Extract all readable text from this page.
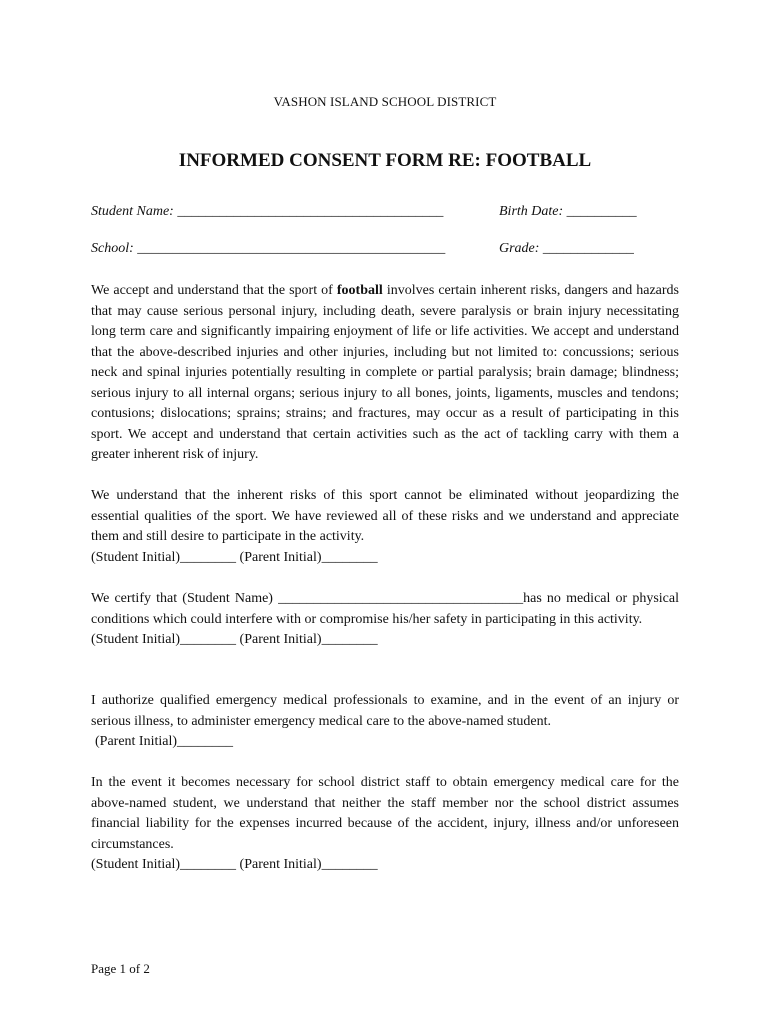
VASHON ISLAND SCHOOL DISTRICT
INFORMED CONSENT FORM RE: FOOTBALL
Student Name: ______________________________________	Birth Date: __________
School: ____________________________________________	Grade: _____________
We accept and understand that the sport of football involves certain inherent risks, dangers and hazards that may cause serious personal injury, including death, severe paralysis or brain injury necessitating long term care and significantly impairing enjoyment of life or life activities. We accept and understand that the above-described injuries and other injuries, including but not limited to: concussions; serious neck and spinal injuries potentially resulting in complete or partial paralysis; brain damage; blindness; serious injury to all internal organs; serious injury to all bones, joints, ligaments, muscles and tendons; contusions; dislocations; sprains; strains; and fractures, may occur as a result of participating in this sport. We accept and understand that certain activities such as the act of tackling carry with them a greater inherent risk of injury.
We understand that the inherent risks of this sport cannot be eliminated without jeopardizing the essential qualities of the sport. We have reviewed all of these risks and we understand and appreciate them and still desire to participate in the activity.
(Student Initial)________ (Parent Initial)________
We certify that (Student Name) ___________________________________has no medical or physical conditions which could interfere with or compromise his/her safety in participating in this activity.
(Student Initial)________ (Parent Initial)________
I authorize qualified emergency medical professionals to examine, and in the event of an injury or serious illness, to administer emergency medical care to the above-named student.
(Parent Initial)________
In the event it becomes necessary for school district staff to obtain emergency medical care for the above-named student, we understand that neither the staff member nor the school district assumes financial liability for the expenses incurred because of the accident, injury, illness and/or unforeseen circumstances.
(Student Initial)________ (Parent Initial)________
Page 1 of 2
